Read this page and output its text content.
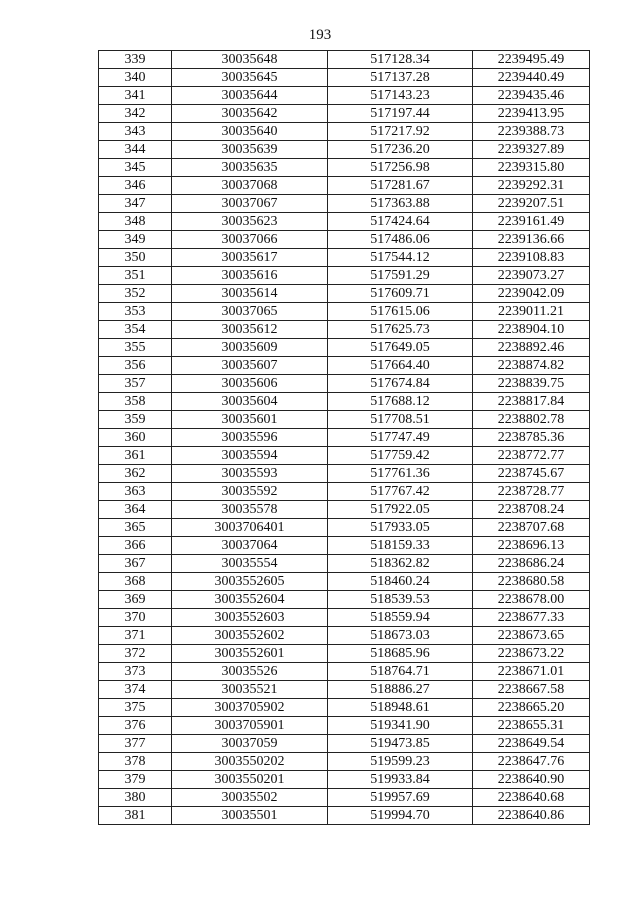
193
339	30035648	517128.34	2239495.49
340	30035645	517137.28	2239440.49
341	30035644	517143.23	2239435.46
342	30035642	517197.44	2239413.95
343	30035640	517217.92	2239388.73
344	30035639	517236.20	2239327.89
345	30035635	517256.98	2239315.80
346	30037068	517281.67	2239292.31
347	30037067	517363.88	2239207.51
348	30035623	517424.64	2239161.49
349	30037066	517486.06	2239136.66
350	30035617	517544.12	2239108.83
351	30035616	517591.29	2239073.27
352	30035614	517609.71	2239042.09
353	30037065	517615.06	2239011.21
354	30035612	517625.73	2238904.10
355	30035609	517649.05	2238892.46
356	30035607	517664.40	2238874.82
357	30035606	517674.84	2238839.75
358	30035604	517688.12	2238817.84
359	30035601	517708.51	2238802.78
360	30035596	517747.49	2238785.36
361	30035594	517759.42	2238772.77
362	30035593	517761.36	2238745.67
363	30035592	517767.42	2238728.77
364	30035578	517922.05	2238708.24
365	3003706401	517933.05	2238707.68
366	30037064	518159.33	2238696.13
367	30035554	518362.82	2238686.24
368	3003552605	518460.24	2238680.58
369	3003552604	518539.53	2238678.00
370	3003552603	518559.94	2238677.33
371	3003552602	518673.03	2238673.65
372	3003552601	518685.96	2238673.22
373	30035526	518764.71	2238671.01
374	30035521	518886.27	2238667.58
375	3003705902	518948.61	2238665.20
376	3003705901	519341.90	2238655.31
377	30037059	519473.85	2238649.54
378	3003550202	519599.23	2238647.76
379	3003550201	519933.84	2238640.90
380	30035502	519957.69	2238640.68
381	30035501	519994.70	2238640.86
